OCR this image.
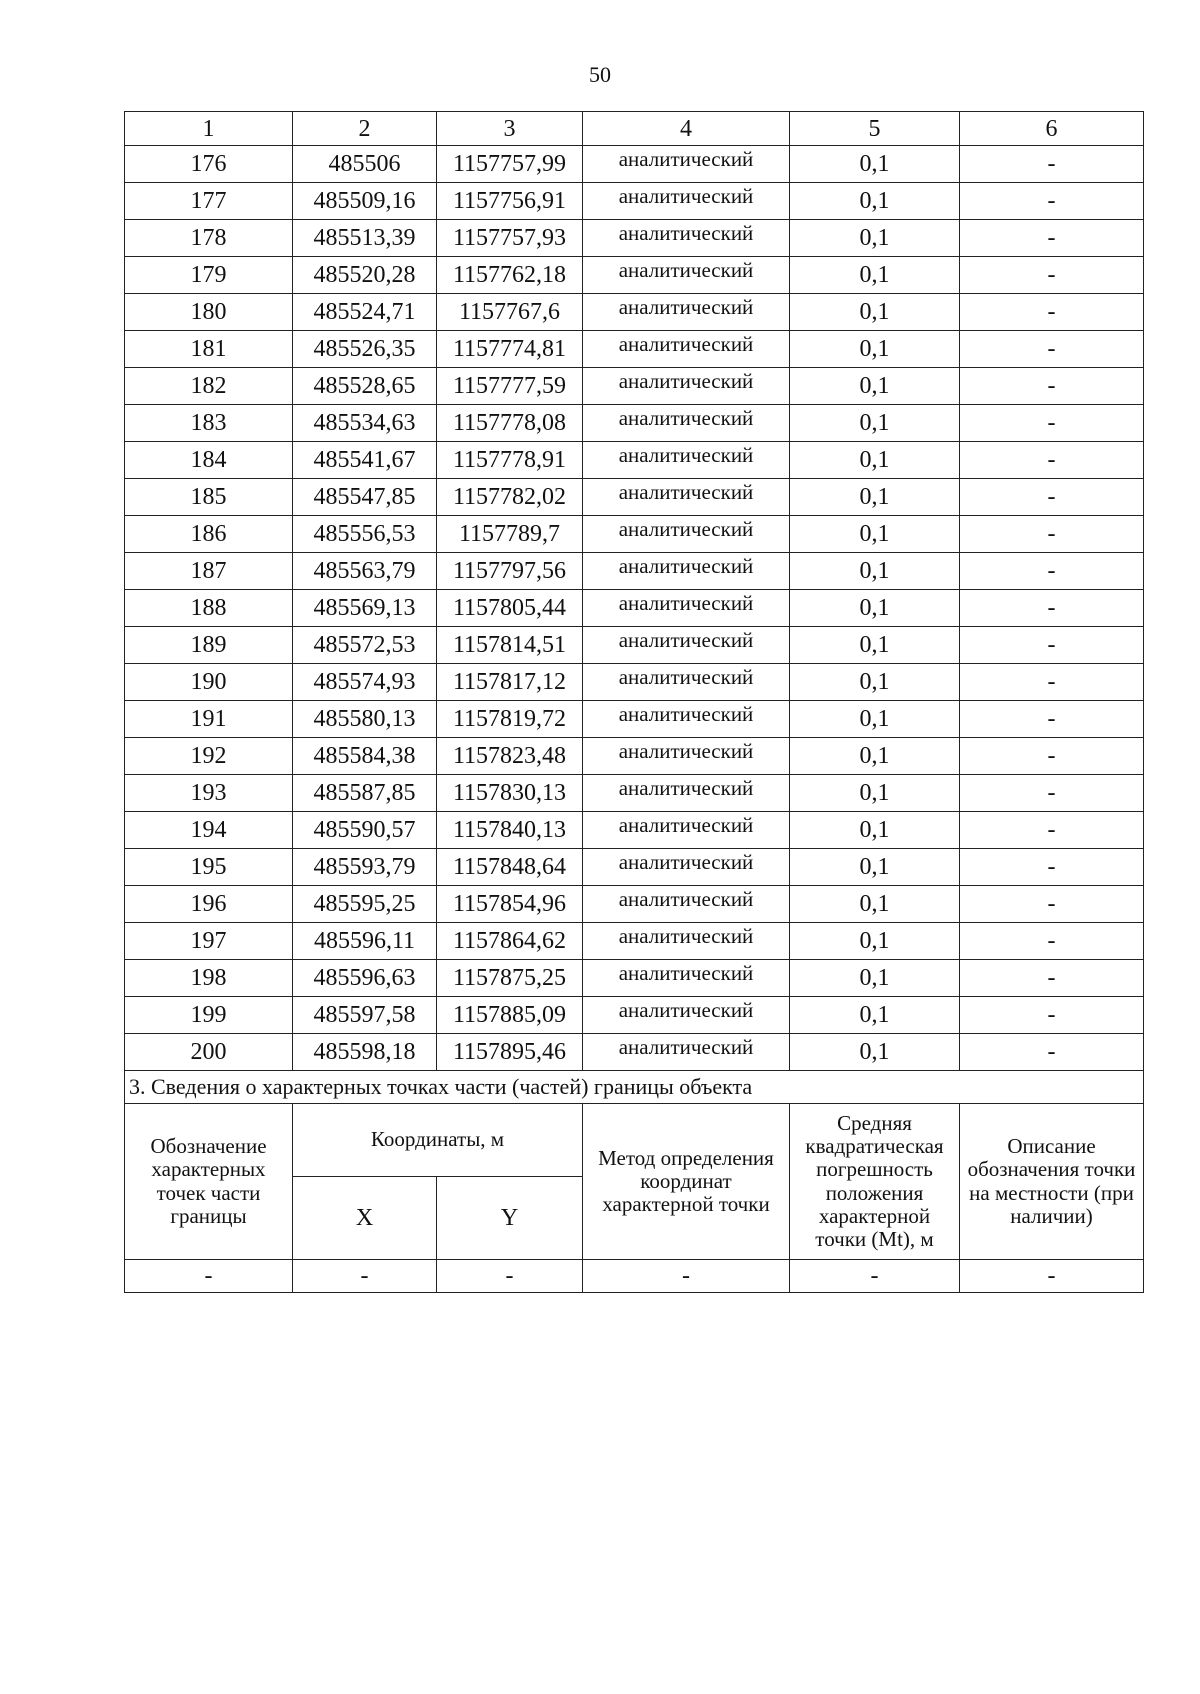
50
1	2	3	4	5	6
176	485506	1157757,99	аналитический	0,1	-
177	485509,16	1157756,91	аналитический	0,1	-
178	485513,39	1157757,93	аналитический	0,1	-
179	485520,28	1157762,18	аналитический	0,1	-
180	485524,71	1157767,6	аналитический	0,1	-
181	485526,35	1157774,81	аналитический	0,1	-
182	485528,65	1157777,59	аналитический	0,1	-
183	485534,63	1157778,08	аналитический	0,1	-
184	485541,67	1157778,91	аналитический	0,1	-
185	485547,85	1157782,02	аналитический	0,1	-
186	485556,53	1157789,7	аналитический	0,1	-
187	485563,79	1157797,56	аналитический	0,1	-
188	485569,13	1157805,44	аналитический	0,1	-
189	485572,53	1157814,51	аналитический	0,1	-
190	485574,93	1157817,12	аналитический	0,1	-
191	485580,13	1157819,72	аналитический	0,1	-
192	485584,38	1157823,48	аналитический	0,1	-
193	485587,85	1157830,13	аналитический	0,1	-
194	485590,57	1157840,13	аналитический	0,1	-
195	485593,79	1157848,64	аналитический	0,1	-
196	485595,25	1157854,96	аналитический	0,1	-
197	485596,11	1157864,62	аналитический	0,1	-
198	485596,63	1157875,25	аналитический	0,1	-
199	485597,58	1157885,09	аналитический	0,1	-
200	485598,18	1157895,46	аналитический	0,1	-
3. Сведения о характерных точках части (частей) границы объекта					
Обозначение характерных точек части границы	Координаты, м		Метод определения координат характерной точки	Средняя квадратическая погрешность положения характерной точки (Mt), м	Описание обозначения точки на местности (при наличии)
	X	Y			
-	-	-	-	-	-
